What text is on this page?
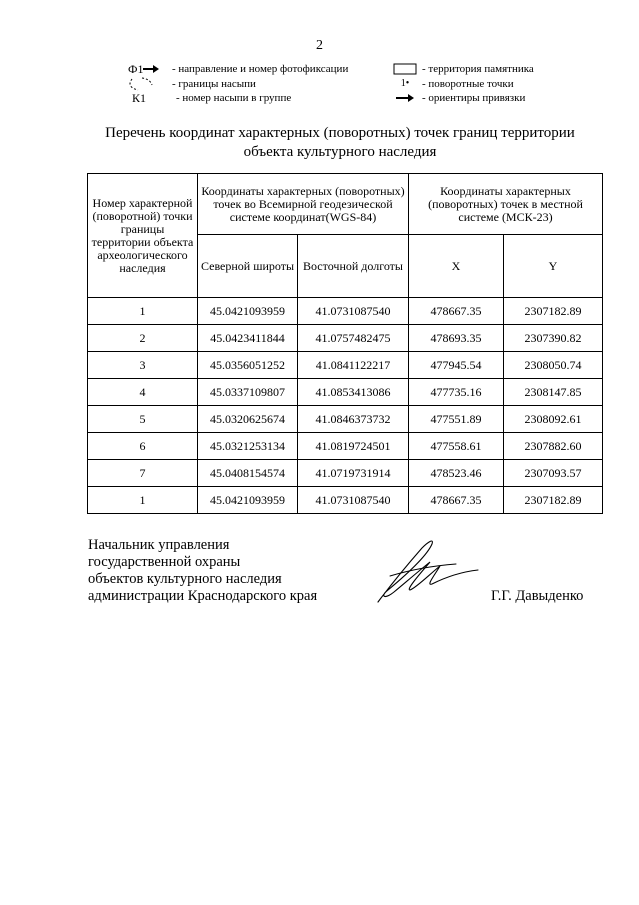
2
Ф1	- направление и номер фотофиксации
- границы насыпи
К1	- номер насыпи в группе
- территория памятника
1•	- поворотные точки
- ориентиры привязки
Перечень координат характерных (поворотных) точек границ территории
объекта культурного наследия
Номер характерной (поворотной) точки границы территории объекта археологического наследия	Координаты характерных (поворотных) точек во Всемирной геодезической системе координат(WGS-84)		Координаты характерных (поворотных) точек в местной системе (МСК-23)	
	Северной широты	Восточной долготы	X	Y
1	45.0421093959	41.0731087540	478667.35	2307182.89
2	45.0423411844	41.0757482475	478693.35	2307390.82
3	45.0356051252	41.0841122217	477945.54	2308050.74
4	45.0337109807	41.0853413086	477735.16	2308147.85
5	45.0320625674	41.0846373732	477551.89	2308092.61
6	45.0321253134	41.0819724501	477558.61	2307882.60
7	45.0408154574	41.0719731914	478523.46	2307093.57
1	45.0421093959	41.0731087540	478667.35	2307182.89
Начальник управления
государственной охраны
объектов культурного наследия
администрации Краснодарского края	Г.Г. Давыденко
